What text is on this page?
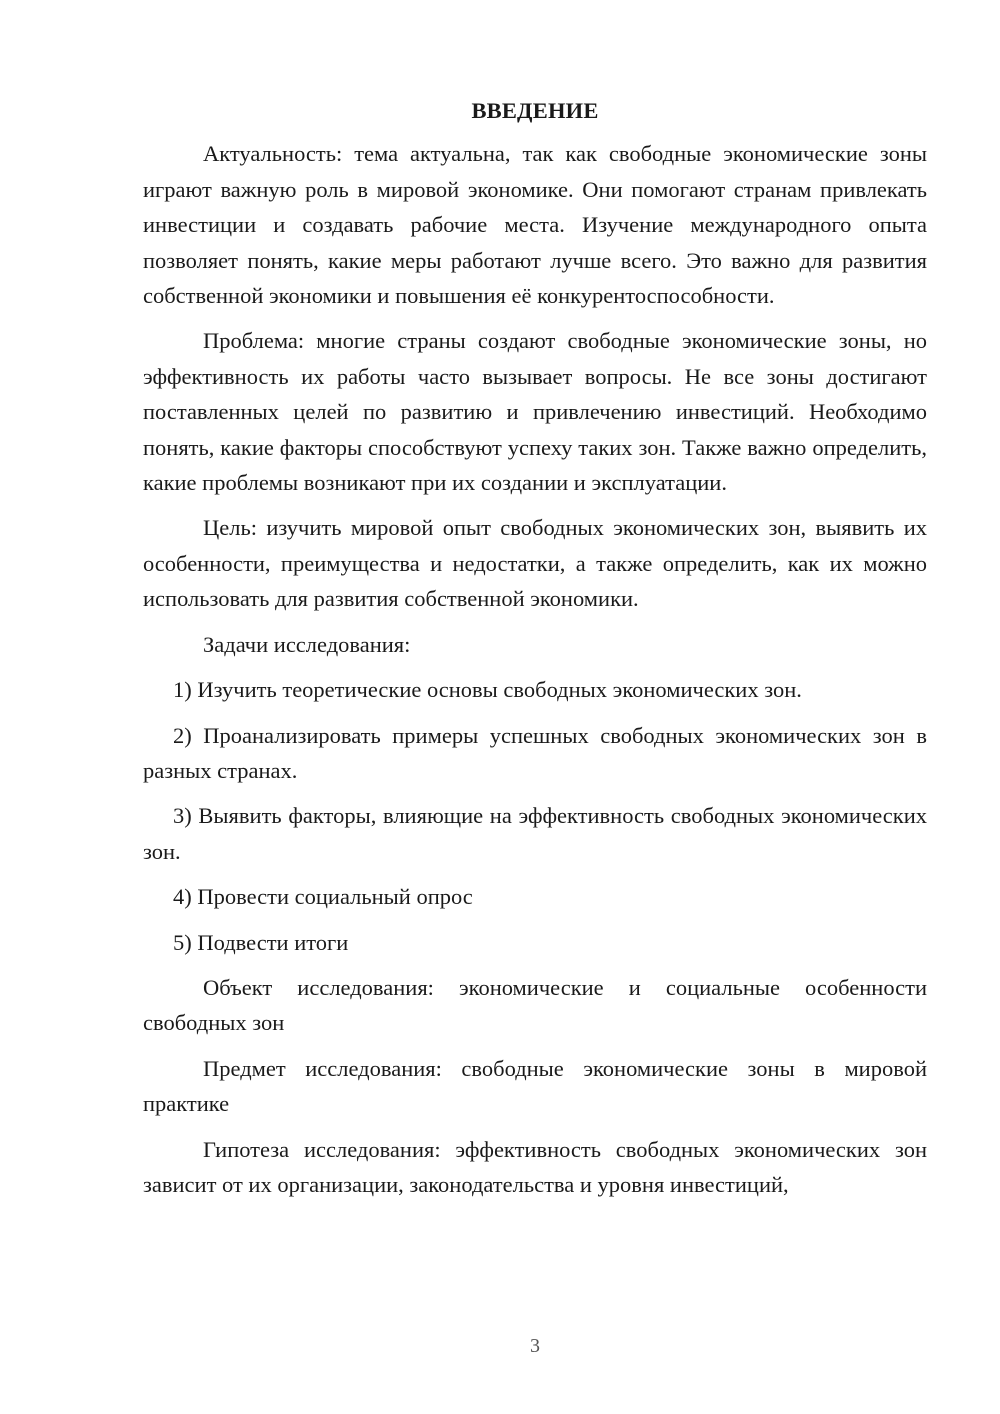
ВВЕДЕНИЕ

Актуальность: тема актуальна, так как свободные экономические зоны играют важную роль в мировой экономике. Они помогают странам привлекать инвестиции и создавать рабочие места. Изучение международного опыта позволяет понять, какие меры работают лучше всего. Это важно для развития собственной экономики и повышения её конкурентоспособности.

Проблема: многие страны создают свободные экономические зоны, но эффективность их работы часто вызывает вопросы. Не все зоны достигают поставленных целей по развитию и привлечению инвестиций. Необходимо понять, какие факторы способствуют успеху таких зон. Также важно определить, какие проблемы возникают при их создании и эксплуатации.

Цель: изучить мировой опыт свободных экономических зон, выявить их особенности, преимущества и недостатки, а также определить, как их можно использовать для развития собственной экономики.

Задачи исследования:

1) Изучить теоретические основы свободных экономических зон.
2) Проанализировать примеры успешных свободных экономических зон в разных странах.
3) Выявить факторы, влияющие на эффективность свободных экономических зон.
4) Провести социальный опрос
5) Подвести итоги

Объект исследования: экономические и социальные особенности свободных зон

Предмет исследования: свободные экономические зоны в мировой практике

Гипотеза исследования: эффективность свободных экономических зон зависит от их организации, законодательства и уровня инвестиций,

3
